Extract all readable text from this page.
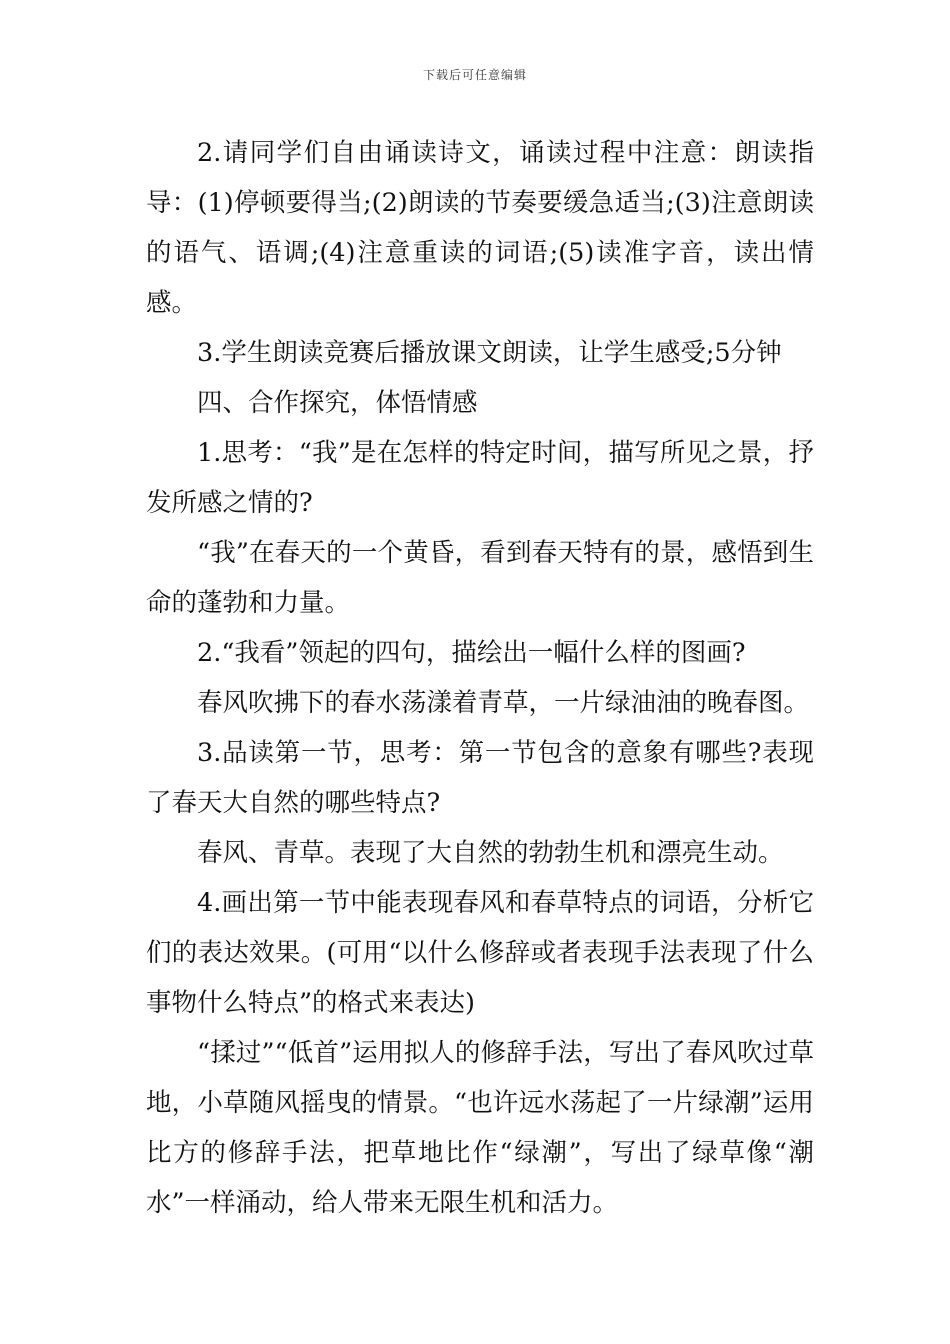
下载后可任意编辑

2.请同学们自由诵读诗文，诵读过程中注意：朗读指导：(1)停顿要得当;(2)朗读的节奏要缓急适当;(3)注意朗读的语气、语调;(4)注意重读的词语;(5)读准字音，读出情感。

3.学生朗读竞赛后播放课文朗读，让学生感受;5分钟

四、合作探究，体悟情感

1.思考：“我”是在怎样的特定时间，描写所见之景，抒发所感之情的?

“我”在春天的一个黄昏，看到春天特有的景，感悟到生命的蓬勃和力量。

2.“我看”领起的四句，描绘出一幅什么样的图画?

春风吹拂下的春水荡漾着青草，一片绿油油的晚春图。

3.品读第一节，思考：第一节包含的意象有哪些?表现了春天大自然的哪些特点?

春风、青草。表现了大自然的勃勃生机和漂亮生动。

4.画出第一节中能表现春风和春草特点的词语，分析它们的表达效果。(可用“以什么修辞或者表现手法表现了什么事物什么特点”的格式来表达)

“揉过”“低首”运用拟人的修辞手法，写出了春风吹过草地，小草随风摇曳的情景。“也许远水荡起了一片绿潮”运用比方的修辞手法，把草地比作“绿潮”，写出了绿草像“潮水”一样涌动，给人带来无限生机和活力。
